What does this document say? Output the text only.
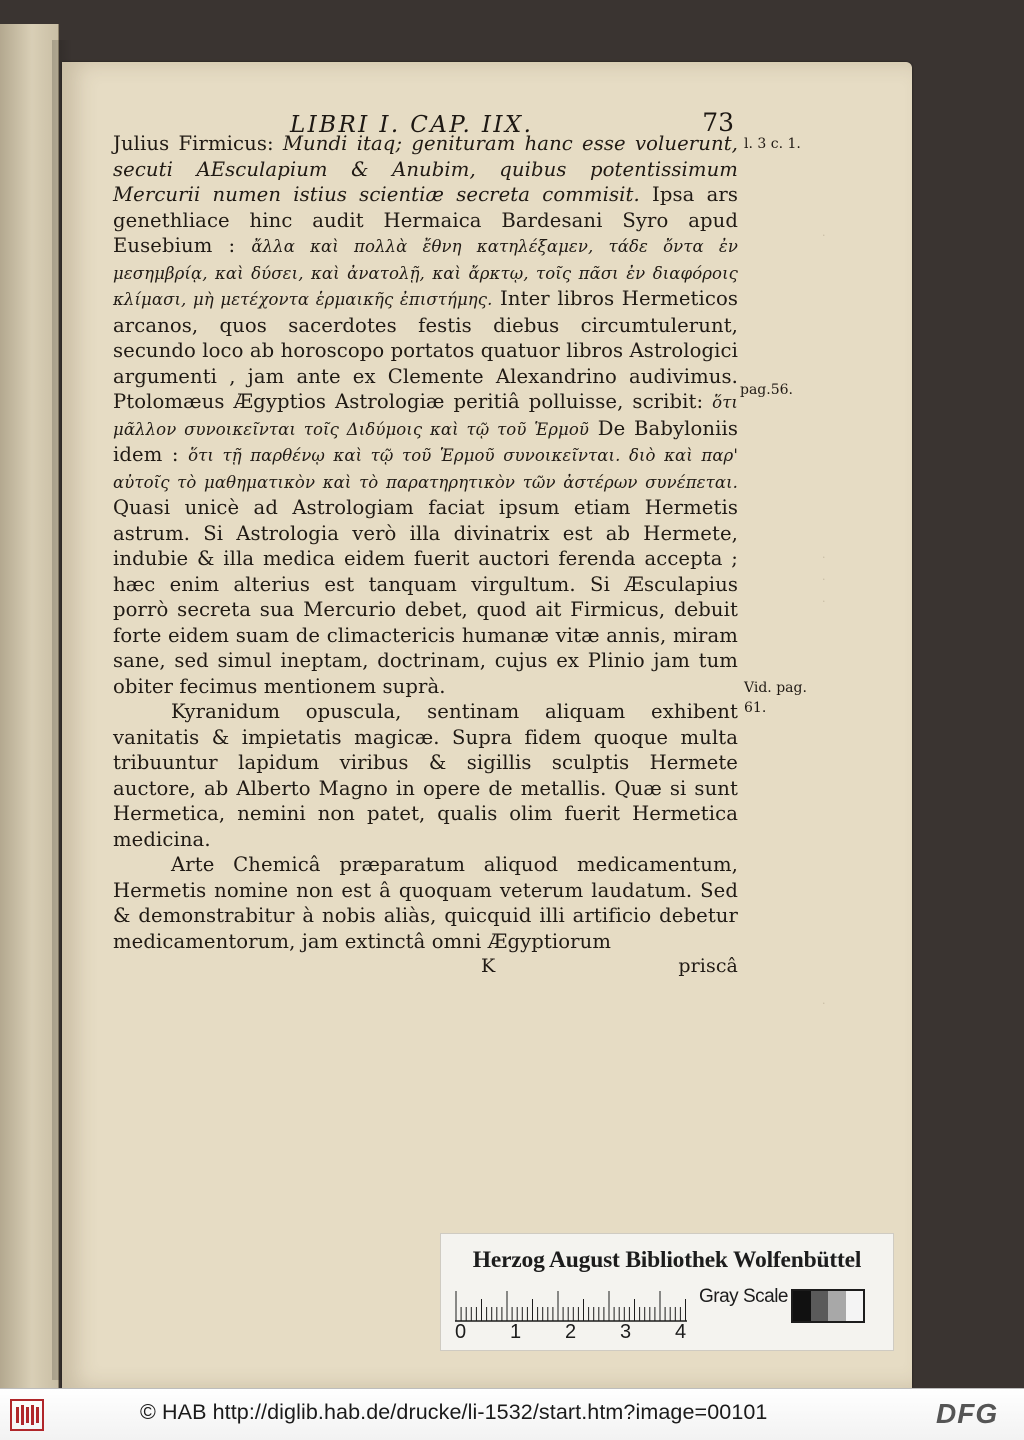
.
.
.
.
.
LIBRI I. CAP. IIX.	73

Julius Firmicus: Mundi itaq; genituram hanc esse voluerunt, secuti AEsculapium & Anubim, quibus potentissimum Mercurii numen istius scientiæ secreta commisit. Ipsa ars genethliace hinc audit Hermaica Bardesani Syro apud Eusebium : ἄλλα καὶ πολλὰ ἔθνη κατηλέξαμεν, τάδε ὄντα ἐν μεσημβρίᾳ, καὶ δύσει, καὶ ἀνατολῇ, καὶ ἄρκτῳ, τοῖς πᾶσι ἐν διαφόροις κλίμασι, μὴ μετέχοντα ἑρμαικῆς ἐπιστήμης. Inter libros Hermeticos arcanos, quos sacerdotes festis diebus circumtulerunt, secundo loco ab horoscopo portatos quatuor libros Astrologici argumenti , jam ante ex Clemente Alexandrino audivimus. Ptolomæus Ægyptios Astrologiæ peritiâ polluisse, scribit: ὅτι μᾶλλον συνοικεῖνται τοῖς Διδύμοις καὶ τῷ τοῦ Ἑρμοῦ De Babyloniis idem : ὅτι τῇ παρθένῳ καὶ τῷ τοῦ Ἑρμοῦ συνοικεῖνται. διὸ καὶ παρ' αὐτοῖς τὸ μαθηματικὸν καὶ τὸ παρατηρητικὸν τῶν ἀστέρων συνέπεται. Quasi unicè ad Astrologiam faciat ipsum etiam Hermetis astrum. Si Astrologia verò illa divinatrix est ab Hermete, indubie & illa medica eidem fuerit auctori ferenda accepta ; hæc enim alterius est tanquam virgultum. Si Æsculapius porrò secreta sua Mercurio debet, quod ait Firmicus, debuit forte eidem suam de climactericis humanæ vitæ annis, miram sane, sed simul ineptam, doctrinam, cujus ex Plinio jam tum obiter fecimus mentionem suprà.

Kyranidum opuscula, sentinam aliquam exhibent vanitatis & impietatis magicæ. Supra fidem quoque multa tribuuntur lapidum viribus & sigillis sculptis Hermete auctore, ab Alberto Magno in opere de metallis. Quæ si sunt Hermetica, nemini non patet, qualis olim fuerit Hermetica medicina.

Arte Chemicâ præparatum aliquod medicamentum, Hermetis nomine non est â quoquam veterum laudatum. Sed & demonstrabitur à nobis aliàs, quicquid illi artificio debetur medicamentorum, jam extinctâ omni Ægyptiorum

K	priscâ
l. 3 c. 1.
pag.56.
Vid. pag.
61.
Herzog August Bibliothek Wolfenbüttel
0 1 2 3 4
Gray Scale
© HAB http://diglib.hab.de/drucke/li-1532/start.htm?image=00101	DFG
